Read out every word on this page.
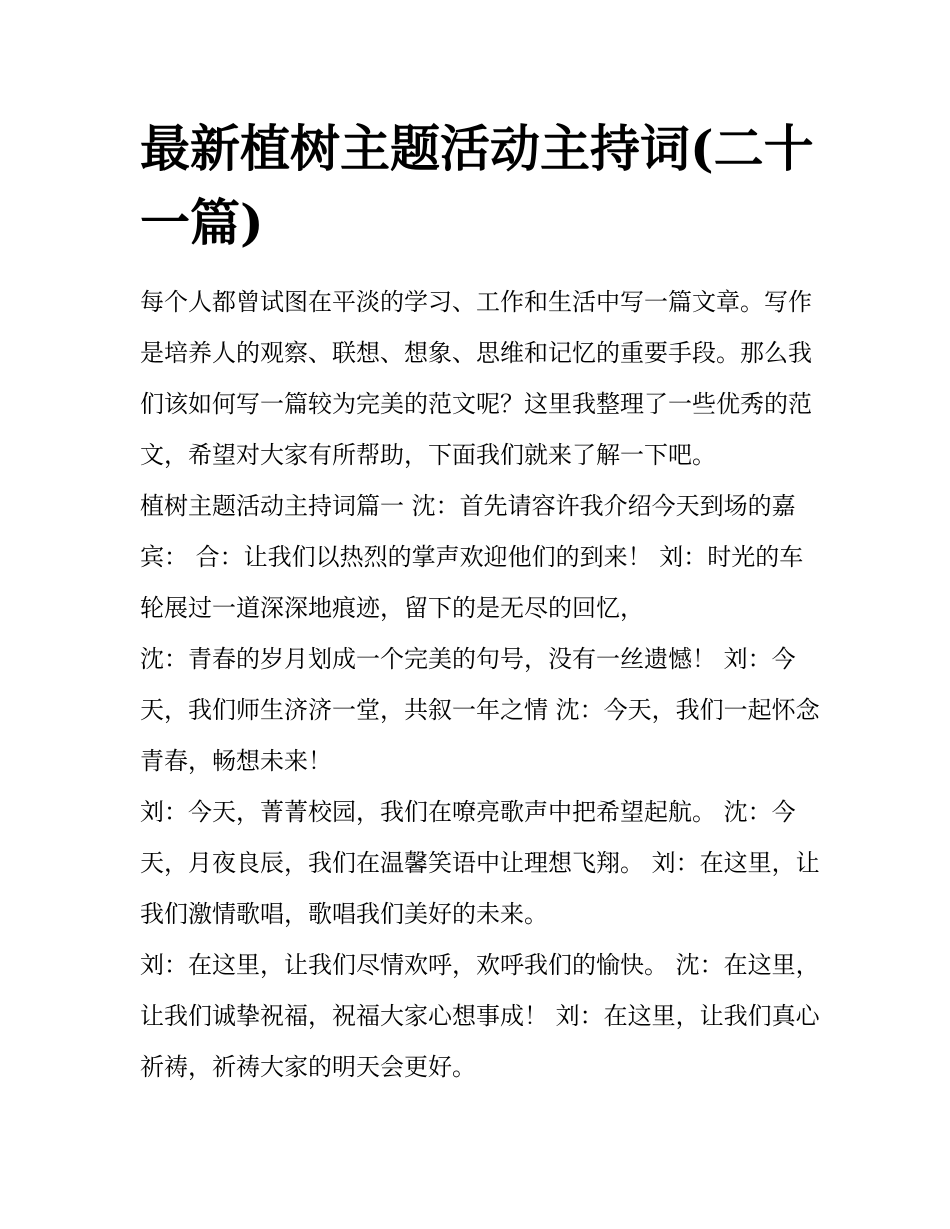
最新植树主题活动主持词(二十一篇)

每个人都曾试图在平淡的学习、工作和生活中写一篇文章。写作是培养人的观察、联想、想象、思维和记忆的重要手段。那么我们该如何写一篇较为完美的范文呢？这里我整理了一些优秀的范文，希望对大家有所帮助，下面我们就来了解一下吧。

植树主题活动主持词篇一 沈：首先请容许我介绍今天到场的嘉宾： 合：让我们以热烈的掌声欢迎他们的到来！ 刘：时光的车轮展过一道深深地痕迹，留下的是无尽的回忆，

沈：青春的岁月划成一个完美的句号，没有一丝遗憾！ 刘：今天，我们师生济济一堂，共叙一年之情 沈：今天，我们一起怀念青春，畅想未来！

刘：今天，菁菁校园，我们在嘹亮歌声中把希望起航。 沈：今天，月夜良辰，我们在温馨笑语中让理想飞翔。 刘：在这里，让我们激情歌唱，歌唱我们美好的未来。

刘：在这里，让我们尽情欢呼，欢呼我们的愉快。 沈：在这里，让我们诚挚祝福，祝福大家心想事成！ 刘：在这里，让我们真心祈祷，祈祷大家的明天会更好。
